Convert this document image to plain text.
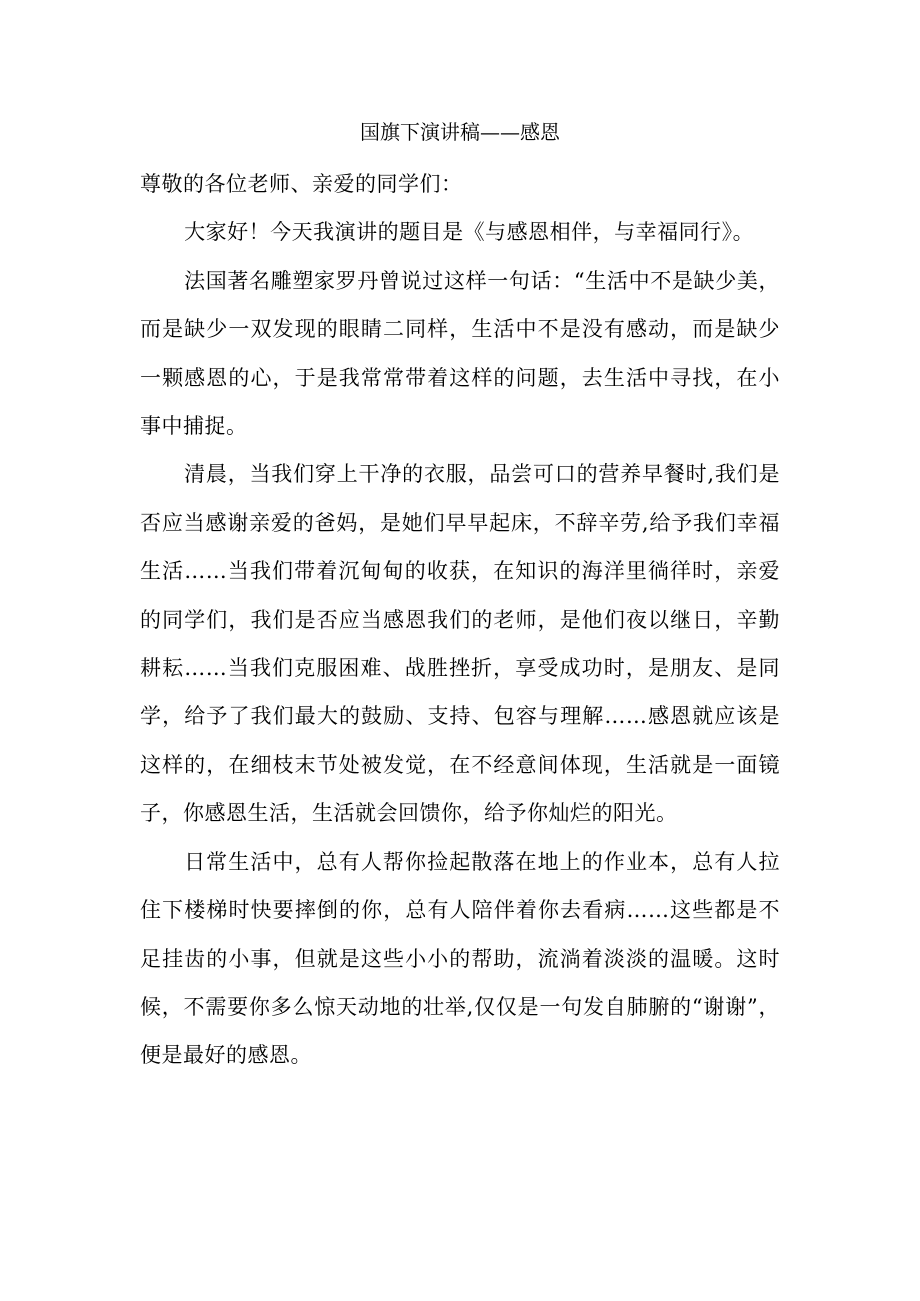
国旗下演讲稿——感恩

尊敬的各位老师、亲爱的同学们：

大家好！今天我演讲的题目是《与感恩相伴，与幸福同行》。

法国著名雕塑家罗丹曾说过这样一句话：“生活中不是缺少美，而是缺少一双发现的眼睛二同样，生活中不是没有感动，而是缺少一颗感恩的心，于是我常常带着这样的问题，去生活中寻找，在小事中捕捉。

清晨，当我们穿上干净的衣服，品尝可口的营养早餐时,我们是否应当感谢亲爱的爸妈，是她们早早起床，不辞辛劳,给予我们幸福生活……当我们带着沉甸甸的收获，在知识的海洋里徜徉时，亲爱的同学们，我们是否应当感恩我们的老师，是他们夜以继日，辛勤耕耘……当我们克服困难、战胜挫折，享受成功时，是朋友、是同学，给予了我们最大的鼓励、支持、包容与理解……感恩就应该是这样的，在细枝末节处被发觉，在不经意间体现，生活就是一面镜子，你感恩生活，生活就会回馈你，给予你灿烂的阳光。

日常生活中，总有人帮你捡起散落在地上的作业本，总有人拉住下楼梯时快要摔倒的你，总有人陪伴着你去看病……这些都是不足挂齿的小事，但就是这些小小的帮助，流淌着淡淡的温暖。这时候，不需要你多么惊天动地的壮举,仅仅是一句发自肺腑的“谢谢”，便是最好的感恩。
